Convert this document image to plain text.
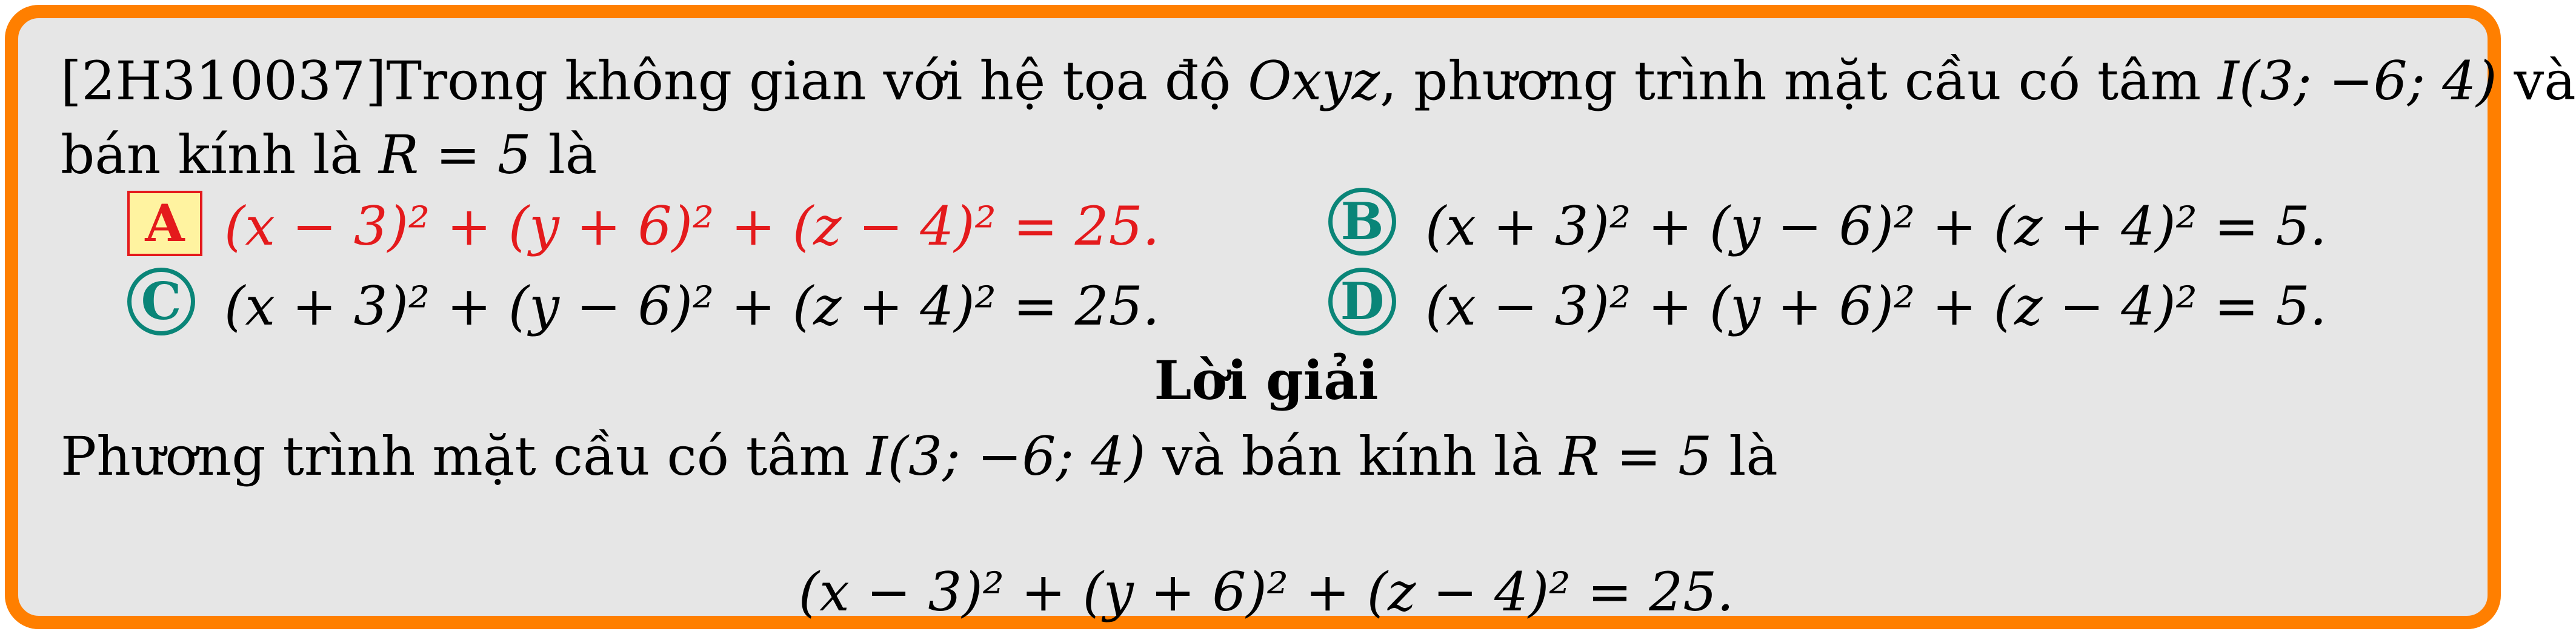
[2H310037]Trong không gian với hệ tọa độ Oxyz, phương trình mặt cầu có tâm I(3; −6; 4) và
bán kính là R = 5 là
A (x − 3)² + (y + 6)² + (z − 4)² = 25.	B (x + 3)² + (y − 6)² + (z + 4)² = 5.
C (x + 3)² + (y − 6)² + (z + 4)² = 25.	D (x − 3)² + (y + 6)² + (z − 4)² = 5.
Lời giải
Phương trình mặt cầu có tâm I(3; −6; 4) và bán kính là R = 5 là
(x − 3)² + (y + 6)² + (z − 4)² = 25.
